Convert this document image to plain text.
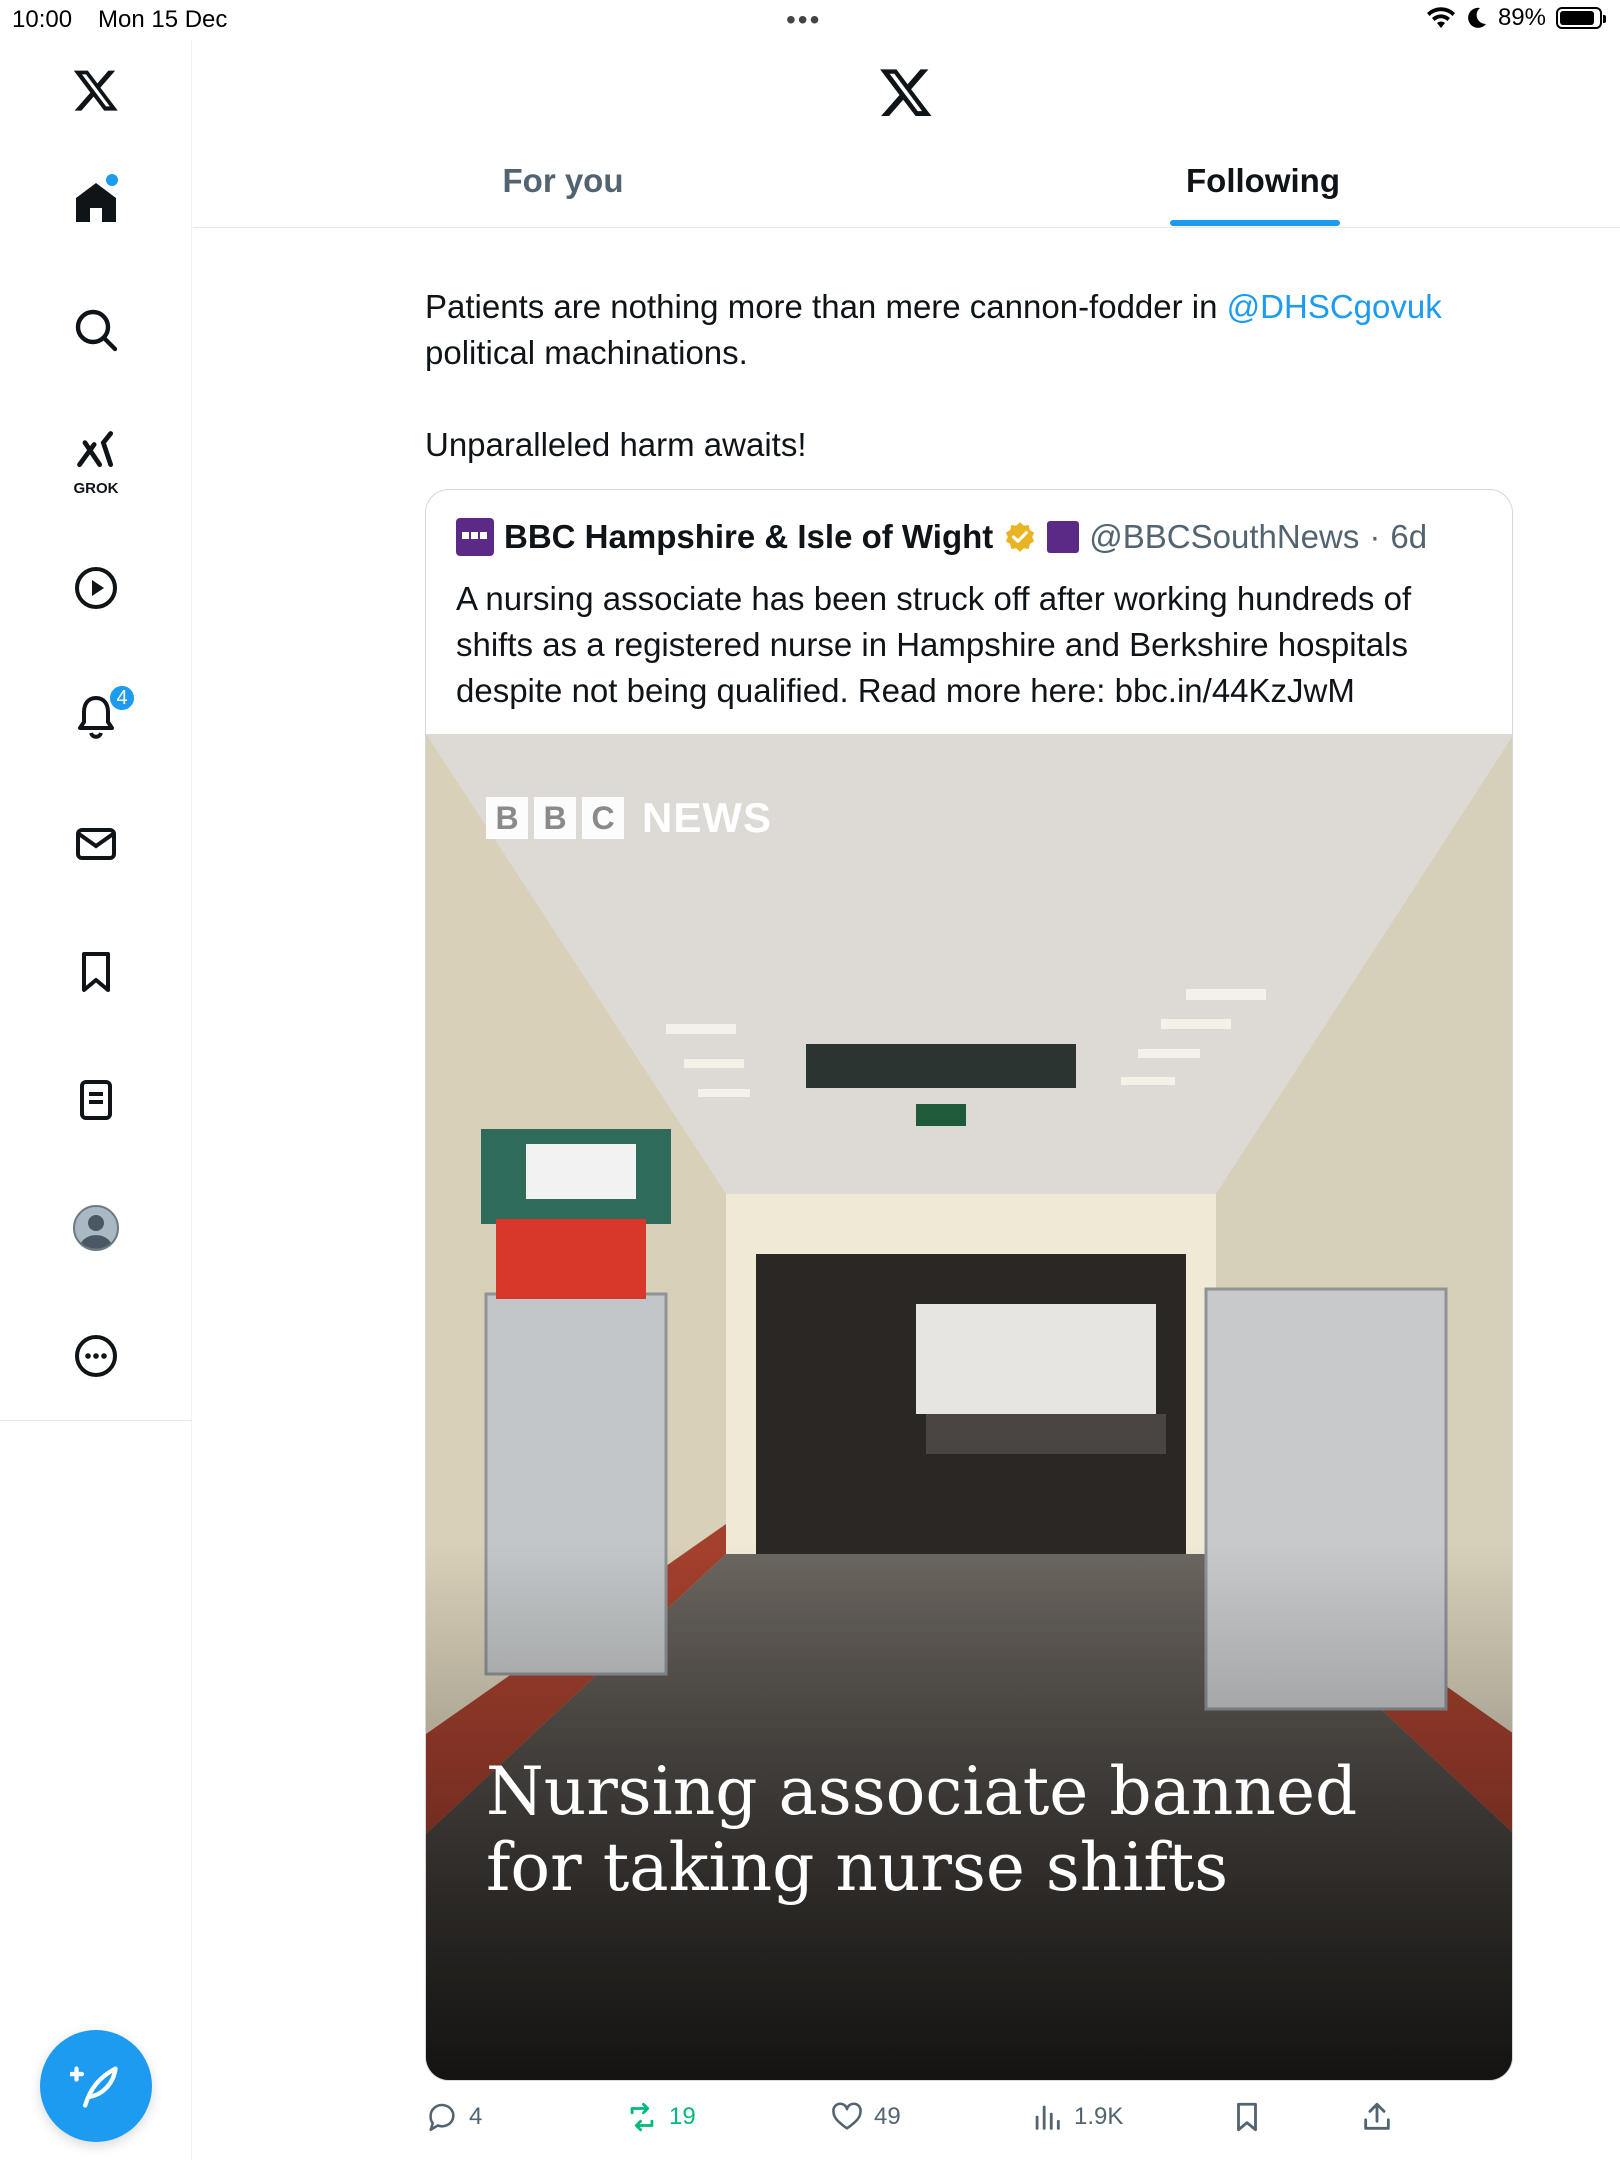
10:00 Mon 15 Dec	•••	89%
GROK
4
For you	Following

Patients are nothing more than mere cannon-fodder in @DHSCgovuk
political machinations.

Unparalleled harm awaits!

BBC Hampshire & Isle of Wight	@BBCSouthNews · 6d

A nursing associate has been struck off after working hundreds of shifts as a registered nurse in Hampshire and Berkshire hospitals despite not being qualified. Read more here: bbc.in/44KzJwM

B B C NEWS
Nursing associate banned for taking nurse shifts
4	19	49	1.9K
